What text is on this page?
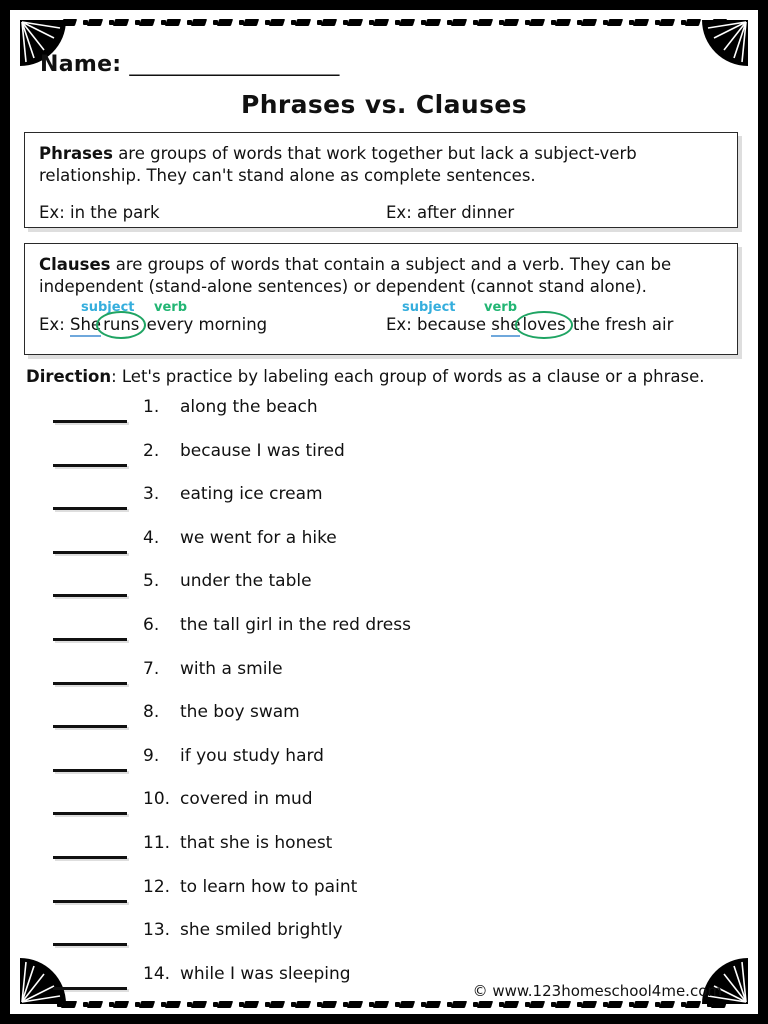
Name: ______________________
Phrases vs. Clauses
Phrases are groups of words that work together but lack a subject-verb relationship. They can't stand alone as complete sentences.
Ex: in the park	Ex: after dinner
Clauses are groups of words that contain a subject and a verb. They can be independent (stand-alone sentences) or dependent (cannot stand alone).
subject verb	subject verb
Ex: She runs every morning	Ex: because she loves the fresh air
Direction: Let's practice by labeling each group of words as a clause or a phrase.
1.	along the beach
2.	because I was tired
3.	eating ice cream
4.	we went for a hike
5.	under the table
6.	the tall girl in the red dress
7.	with a smile
8.	the boy swam
9.	if you study hard
10. covered in mud
11. that she is honest
12. to learn how to paint
13. she smiled brightly
14. while I was sleeping
© www.123homeschool4me.com
